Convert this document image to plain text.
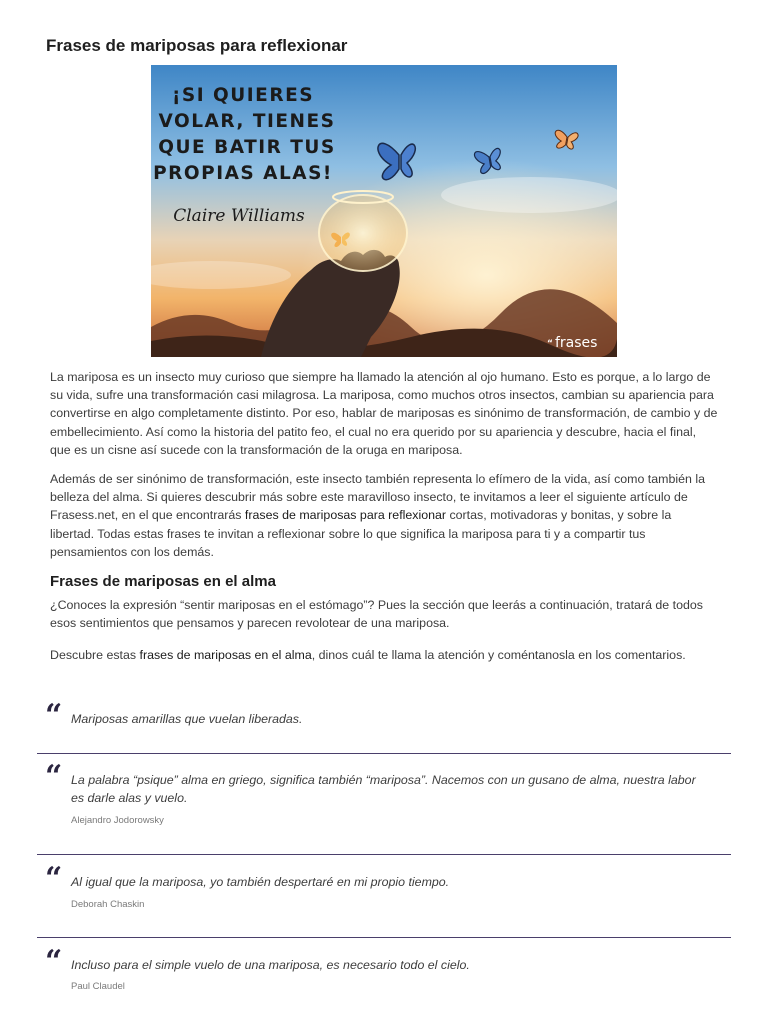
Frases de mariposas para reflexionar
¡SI QUIERES
VOLAR, TIENES
QUE BATIR TUS
PROPIAS ALAS!
Claire Williams
“ frases

La mariposa es un insecto muy curioso que siempre ha llamado la atención al ojo humano. Esto es porque, a lo largo de su vida, sufre una transformación casi milagrosa. La mariposa, como muchos otros insectos, cambian su apariencia para convertirse en algo completamente distinto. Por eso, hablar de mariposas es sinónimo de transformación, de cambio y de embellecimiento. Así como la historia del patito feo, el cual no era querido por su apariencia y descubre, hacia el final, que es un cisne así sucede con la transformación de la oruga en mariposa.

Además de ser sinónimo de transformación, este insecto también representa lo efímero de la vida, así como también la belleza del alma. Si quieres descubrir más sobre este maravilloso insecto, te invitamos a leer el siguiente artículo de Frasess.net, en el que encontrarás frases de mariposas para reflexionar cortas, motivadoras y bonitas, y sobre la libertad. Todas estas frases te invitan a reflexionar sobre lo que significa la mariposa para ti y a compartir tus pensamientos con los demás.

Frases de mariposas en el alma

¿Conoces la expresión “sentir mariposas en el estómago”? Pues la sección que leerás a continuación, tratará de todos esos sentimientos que pensamos y parecen revolotear de una mariposa.

Descubre estas frases de mariposas en el alma, dinos cuál te llama la atención y coméntanosla en los comentarios.

“ Mariposas amarillas que vuelan liberadas.

“ La palabra “psique” alma en griego, significa también “mariposa”. Nacemos con un gusano de alma, nuestra labor es darle alas y vuelo.

Alejandro Jodorowsky
“ Al igual que la mariposa, yo también despertaré en mi propio tiempo.

Deborah Chaskin
“ Incluso para el simple vuelo de una mariposa, es necesario todo el cielo.

Paul Claudel
